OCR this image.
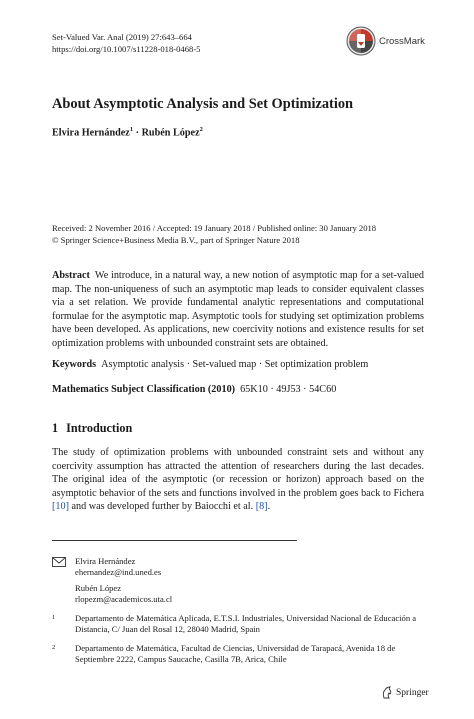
Set-Valued Var. Anal (2019) 27:643–664
https://doi.org/10.1007/s11228-018-0468-5
CrossMark
About Asymptotic Analysis and Set Optimization
Elvira Hernández$^1$ · Rubén López$^2$
Received: 2 November 2016 / Accepted: 19 January 2018 / Published online: 30 January 2018
© Springer Science+Business Media B.V., part of Springer Nature 2018
Abstract We introduce, in a natural way, a new notion of asymptotic map for a set-valued map. The non-uniqueness of such an asymptotic map leads to consider equivalent classes via a set relation. We provide fundamental analytic representations and computational formulae for the asymptotic map. Asymptotic tools for studying set optimization problems have been developed. As applications, new coercivity notions and existence results for set optimization problems with unbounded constraint sets are obtained.
Keywords Asymptotic analysis · Set-valued map · Set optimization problem
Mathematics Subject Classification (2010) 65K10 · 49J53 · 54C60
1 Introduction
The study of optimization problems with unbounded constraint sets and without any coercivity assumption has attracted the attention of researchers during the last decades. The original idea of the asymptotic (or recession or horizon) approach based on the asymptotic behavior of the sets and functions involved in the problem goes back to Fichera [10] and was developed further by Baiocchi et al. [8].
Elvira Hernández
ehernandez@ind.uned.es
Rubén López
rlopezm@academicos.uta.cl
1	Departamento de Matemática Aplicada, E.T.S.I. Industriales, Universidad Nacional de Educación a Distancia, C/ Juan del Rosal 12, 28040 Madrid, Spain
2	Departamento de Matemática, Facultad de Ciencias, Universidad de Tarapacá, Avenida 18 de Septiembre 2222, Campus Saucache, Casilla 7B, Arica, Chile
Springer
